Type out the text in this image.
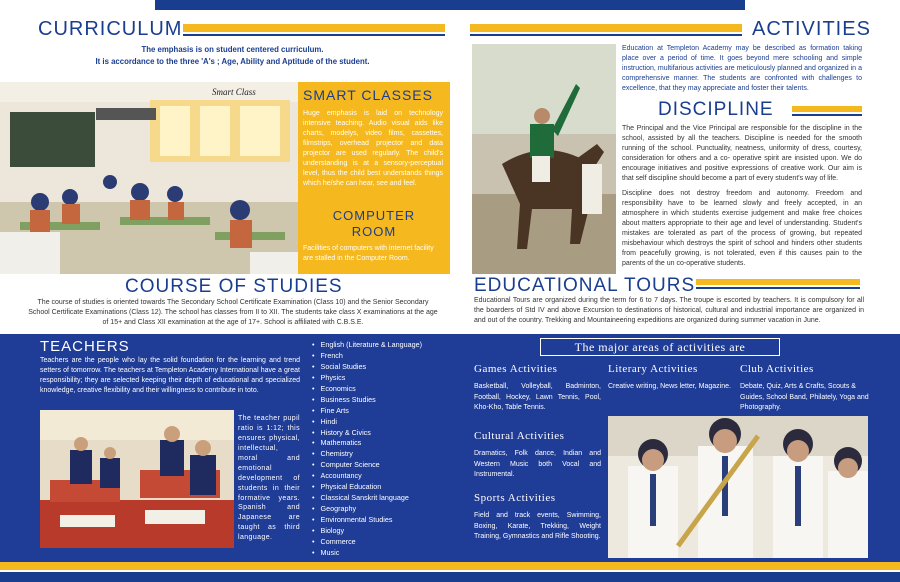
CURRICULUM
The emphasis is on student centered curriculum.
It is accordance to the three 'A's ; Age, Ability and Aptitude of the student.
Smart Class	SMART CLASSES

Huge emphasis is laid on technology intensive teaching. Audio visual aids like charts, modelys, video films, cassettes, filmstrips, overhead projector and data projector are used regularly. The child's understanding is at a sensory-perceptual level, thus the child best understands things which he/she can hear, see and feel.

COMPUTER
ROOM

Facilities of computers with internet facility are stalled in the Computer Room.

COURSE OF STUDIES

The course of studies is oriented towards The Secondary School Certificate Examination (Class 10) and the Senior Secondary School Certificate Examinations (Class 12). The school has classes from II to XII. The students take class X examinations at the age of 15+ and Class XII examination at the age of 17+. School is affiliated with C.B.S.E.

TEACHERS

Teachers are the people who lay the solid foundation for the learning and trend setters of tomorrow. The teachers at Templeton Academy International have a great responsibility; they are selected keeping their depth of educational and specialized knowledge, creative flexibility and their willingness to contribute in toto.

The teacher pupil ratio is 1:12; this ensures physical, intellectual, moral and emotional development of students in their formative years. Spanish and Japanese are taught as third language.

• English (Literature & Language)
• French
• Social Studies
• Physics
• Economics
• Business Studies
• Fine Arts
• Hindi
• History & Civics
• Mathematics
• Chemistry
• Computer Science
• Accountancy
• Physical Education
• Classical Sanskrit language
• Geography
• Environmental Studies
• Biology
• Commerce
• Music
ACTIVITIES

Education at Templeton Academy may be described as formation taking place over a period of time. It goes beyond mere schooling and simple instruction, multifarious activities are meticulously planned and organized in a comprehensive manner. The students are confronted with challenges to excellence, that they may appreciate and foster their talents.

DISCIPLINE

The Principal and the Vice Principal are responsible for the discipline in the school, assisted by all the teachers. Discipline is needed for the smooth running of the school. Punctuality, neatness, uniformity of dress, courtesy, consideration for others and a co- operative spirit are insisted upon. We do encourage initiatives and positive expressions of creative work. Our aim is that self discipline should become a part of every student's way of life.

Discipline does not destroy freedom and autonomy. Freedom and responsibility have to be learned slowly and freely accepted, in an atmosphere in which students exercise judgement and make free choices about matters appropriate to their age and level of understanding. Student's mistakes are tolerated as part of the process of growing, but repeated misbehaviour which destroys the spirit of school and hinders other students from peacefully growing, is not tolerated, even if this causes pain to the parents of the un co-operative students.

EDUCATIONAL TOURS

Educational Tours are organized during the term for 6 to 7 days. The troupe is escorted by teachers. It is compulsory for all the boarders of Std IV and above Excursion to destinations of historical, cultural and industrial importance are organized in and out of the country. Trekking and Mountaineering expeditions are organized during summer vacation in June.

The major areas of activities are
Games Activities
Basketball, Volleyball, Badminton, Football, Hockey, Lawn Tennis, Pool, Kho-Kho, Table Tennis.
Literary Activities
Creative writing, News letter, Magazine.
Club Activities
Debate, Quiz, Arts & Crafts, Scouts & Guides, School Band, Philately, Yoga and Photography.
Cultural Activities
Dramatics, Folk dance, Indian and Western Music both Vocal and Instrumental.
Sports Activities
Field and track events, Swimming, Boxing, Karate, Trekking, Weight Training, Gymnastics and Rifle Shooting.
